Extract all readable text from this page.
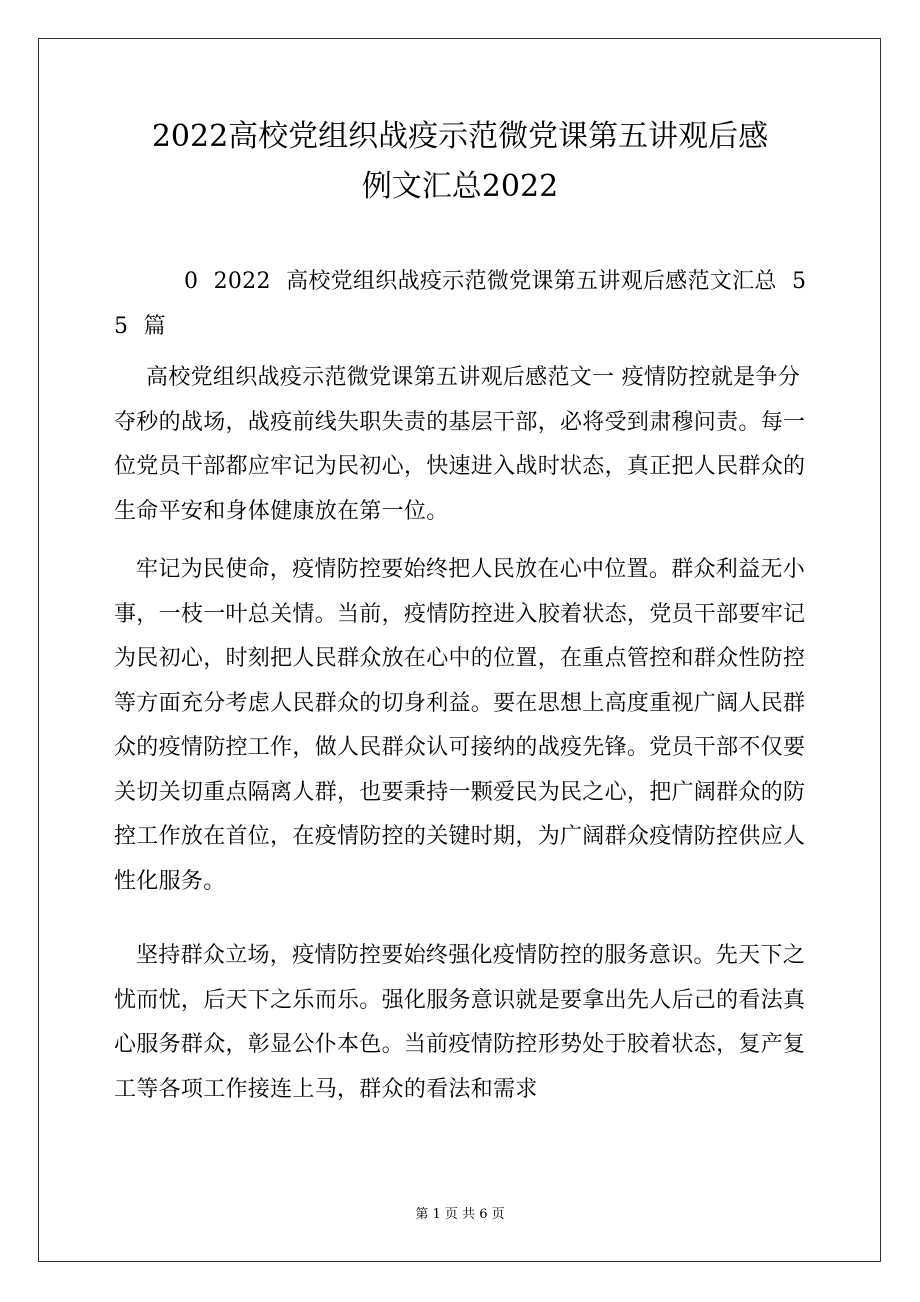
2022高校党组织战疫示范微党课第五讲观后感
例文汇总2022

0 2022 高校党组织战疫示范微党课第五讲观后感范文汇总 5 5 篇

高校党组织战疫示范微党课第五讲观后感范文一 疫情防控就是争分夺秒的战场，战疫前线失职失责的基层干部，必将受到肃穆问责。每一位党员干部都应牢记为民初心，快速进入战时状态，真正把人民群众的生命平安和身体健康放在第一位。

牢记为民使命，疫情防控要始终把人民放在心中位置。群众利益无小事，一枝一叶总关情。当前，疫情防控进入胶着状态，党员干部要牢记为民初心，时刻把人民群众放在心中的位置，在重点管控和群众性防控等方面充分考虑人民群众的切身利益。要在思想上高度重视广阔人民群众的疫情防控工作，做人民群众认可接纳的战疫先锋。党员干部不仅要关切关切重点隔离人群，也要秉持一颗爱民为民之心，把广阔群众的防控工作放在首位，在疫情防控的关键时期，为广阔群众疫情防控供应人性化服务。

坚持群众立场，疫情防控要始终强化疫情防控的服务意识。先天下之忧而忧，后天下之乐而乐。强化服务意识就是要拿出先人后己的看法真心服务群众，彰显公仆本色。当前疫情防控形势处于胶着状态，复产复工等各项工作接连上马，群众的看法和需求

第 1 页 共 6 页
